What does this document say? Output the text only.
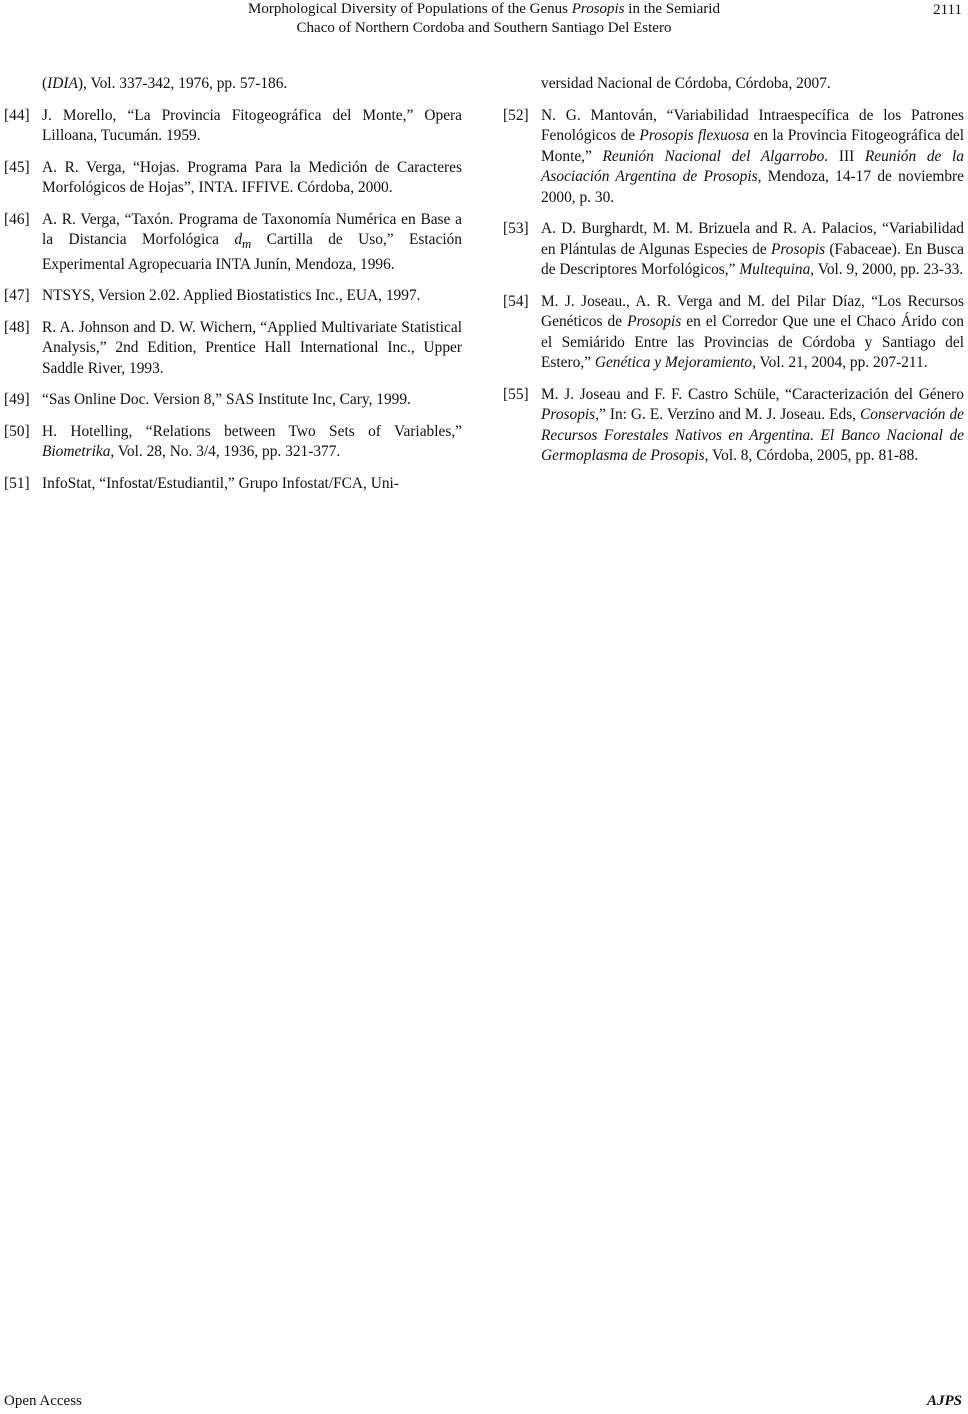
Morphological Diversity of Populations of the Genus Prosopis in the Semiarid
Chaco of Northern Cordoba and Southern Santiago Del Estero
2111
(IDIA), Vol. 337-342, 1976, pp. 57-186.
[44] J. Morello, “La Provincia Fitogeográfica del Monte,” Opera Lilloana, Tucumán. 1959.
[45] A. R. Verga, “Hojas. Programa Para la Medición de Caracteres Morfológicos de Hojas”, INTA. IFFIVE. Córdoba, 2000.
[46] A. R. Verga, “Taxón. Programa de Taxonomía Numérica en Base a la Distancia Morfológica $d_m$ Cartilla de Uso,” Estación Experimental Agropecuaria INTA Junín, Mendoza, 1996.
[47] NTSYS, Version 2.02. Applied Biostatistics Inc., EUA, 1997.
[48] R. A. Johnson and D. W. Wichern, “Applied Multivariate Statistical Analysis,” 2nd Edition, Prentice Hall International Inc., Upper Saddle River, 1993.
[49] “Sas Online Doc. Version 8,” SAS Institute Inc, Cary, 1999.
[50] H. Hotelling, “Relations between Two Sets of Variables,” Biometrika, Vol. 28, No. 3/4, 1936, pp. 321-377.
[51] InfoStat, “Infostat/Estudiantil,” Grupo Infostat/FCA, Uni-
versidad Nacional de Córdoba, Córdoba, 2007.
[52] N. G. Mantován, “Variabilidad Intraespecífica de los Patrones Fenológicos de Prosopis flexuosa en la Provincia Fitogeográfica del Monte,” Reunión Nacional del Algarrobo. III Reunión de la Asociación Argentina de Prosopis, Mendoza, 14-17 de noviembre 2000, p. 30.
[53] A. D. Burghardt, M. M. Brizuela and R. A. Palacios, “Variabilidad en Plántulas de Algunas Especies de Prosopis (Fabaceae). En Busca de Descriptores Morfológicos,” Multequina, Vol. 9, 2000, pp. 23-33.
[54] M. J. Joseau., A. R. Verga and M. del Pilar Díaz, “Los Recursos Genéticos de Prosopis en el Corredor Que une el Chaco Árido con el Semiárido Entre las Provincias de Córdoba y Santiago del Estero,” Genética y Mejoramiento, Vol. 21, 2004, pp. 207-211.
[55] M. J. Joseau and F. F. Castro Schüle, “Caracterización del Género Prosopis,” In: G. E. Verzino and M. J. Joseau. Eds, Conservación de Recursos Forestales Nativos en Argentina. El Banco Nacional de Germoplasma de Prosopis, Vol. 8, Córdoba, 2005, pp. 81-88.
Open Access	AJPS
